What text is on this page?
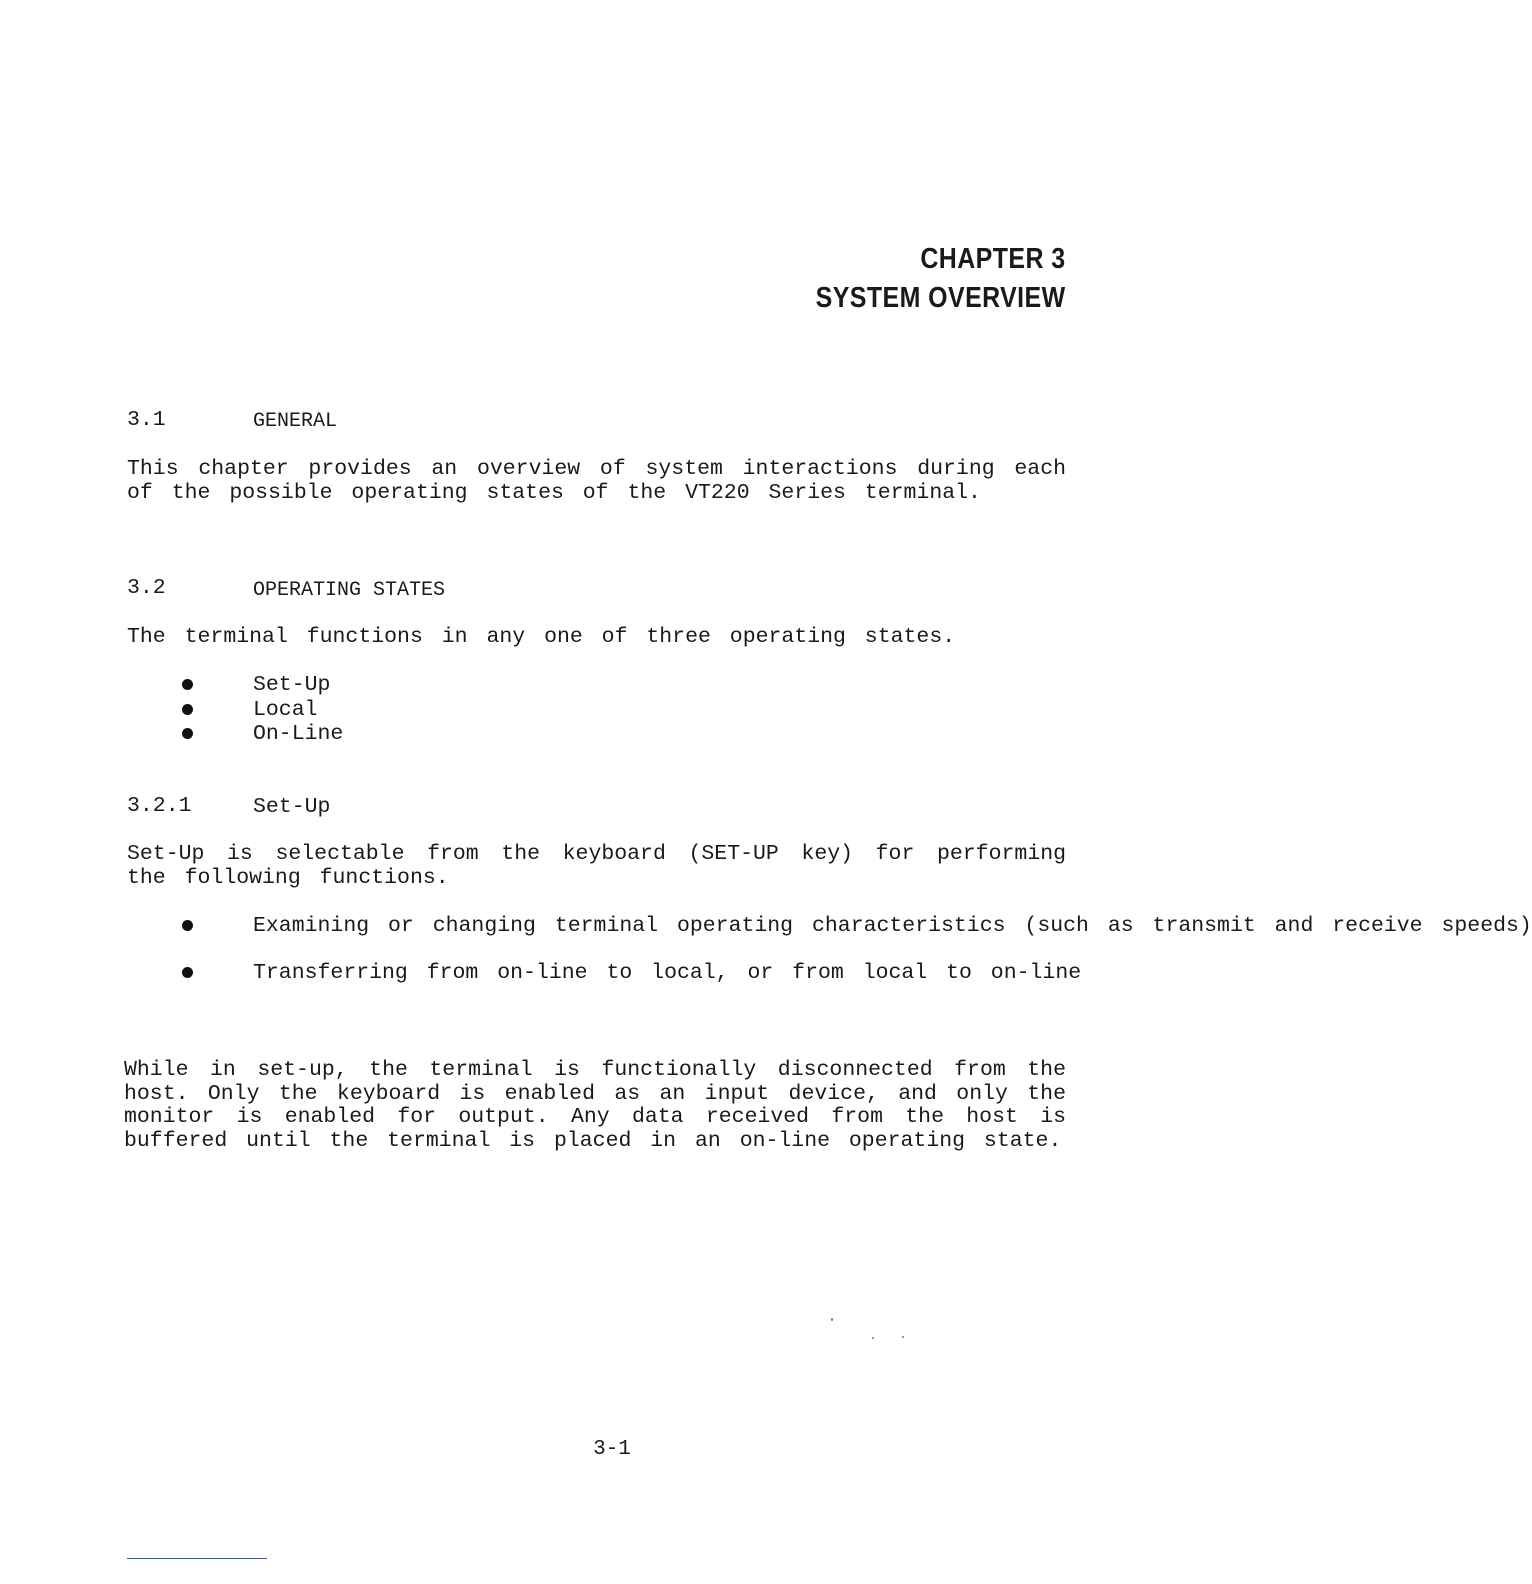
CHAPTER 3
SYSTEM OVERVIEW
3.1	GENERAL

This chapter provides an overview of system interactions during each of the possible operating states of the VT220 Series terminal.

3.2	OPERATING STATES

The terminal functions in any one of three operating states.

Set-Up
Local
On-Line
3.2.1	Set-Up

Set-Up is selectable from the keyboard (SET-UP key) for performing the following functions.

Examining or changing terminal operating characteristics (such as transmit and receive speeds)
Transferring from on-line to local, or from local to on-line

While in set-up, the terminal is functionally disconnected from the host. Only the keyboard is enabled as an input device, and only the monitor is enabled for output. Any data received from the host is buffered until the terminal is placed in an on-line operating state.

3-1
